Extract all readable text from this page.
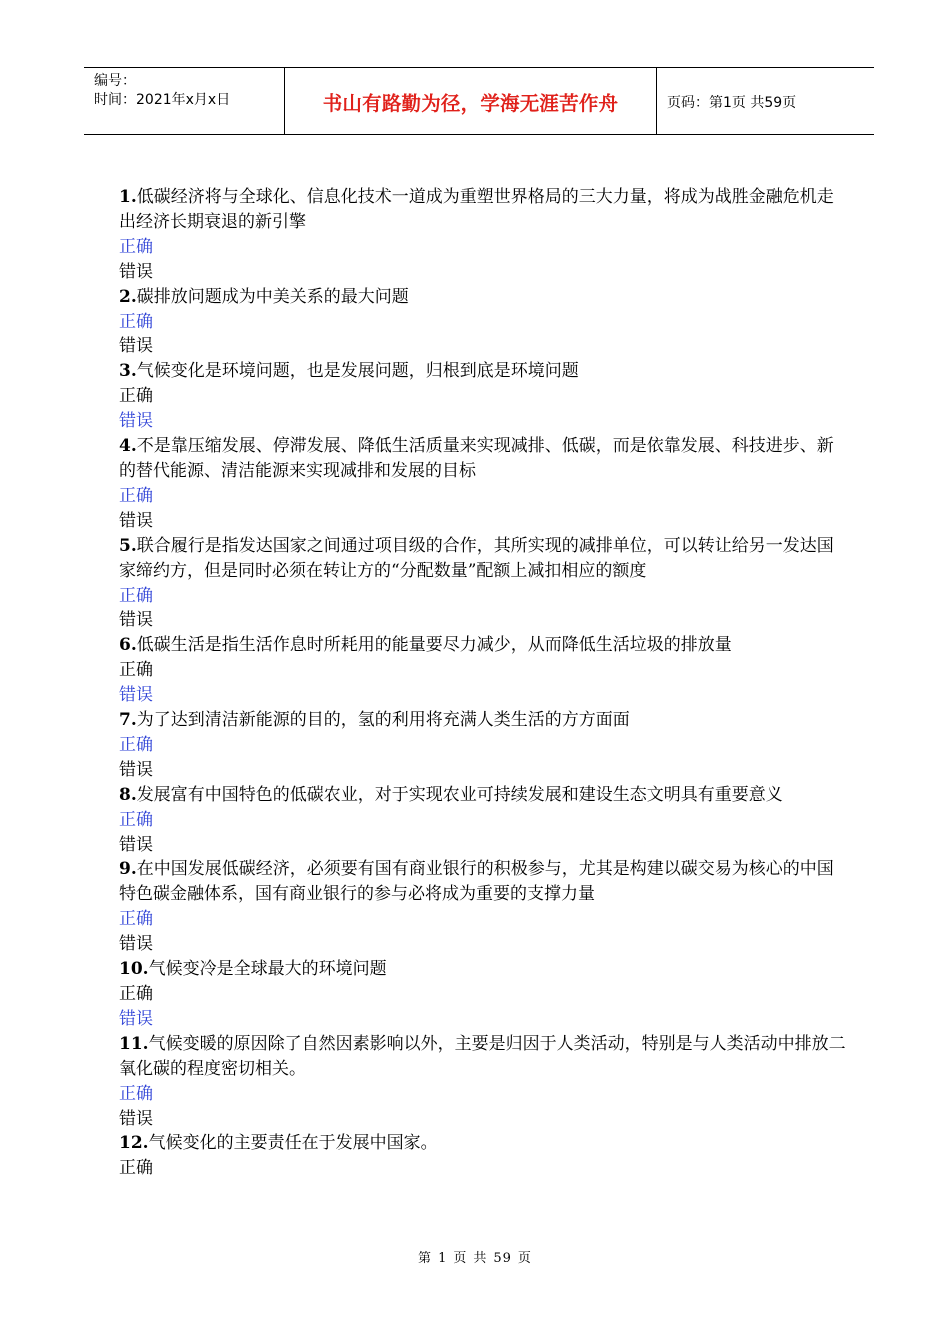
编号：
时间：2021年x月x日	书山有路勤为径，学海无涯苦作舟	页码：第1页 共59页
1.低碳经济将与全球化、信息化技术一道成为重塑世界格局的三大力量，将成为战胜金融危机走出经济长期衰退的新引擎
正确
错误
2.碳排放问题成为中美关系的最大问题
正确
错误
3.气候变化是环境问题，也是发展问题，归根到底是环境问题
正确
错误
4.不是靠压缩发展、停滞发展、降低生活质量来实现减排、低碳，而是依靠发展、科技进步、新的替代能源、清洁能源来实现减排和发展的目标
正确
错误
5.联合履行是指发达国家之间通过项目级的合作，其所实现的减排单位，可以转让给另一发达国家缔约方，但是同时必须在转让方的“分配数量”配额上减扣相应的额度
正确
错误
6.低碳生活是指生活作息时所耗用的能量要尽力减少，从而降低生活垃圾的排放量
正确
错误
7.为了达到清洁新能源的目的，氢的利用将充满人类生活的方方面面
正确
错误
8.发展富有中国特色的低碳农业，对于实现农业可持续发展和建设生态文明具有重要意义
正确
错误
9.在中国发展低碳经济，必须要有国有商业银行的积极参与，尤其是构建以碳交易为核心的中国特色碳金融体系，国有商业银行的参与必将成为重要的支撑力量
正确
错误
10.气候变冷是全球最大的环境问题
正确
错误
11.气候变暖的原因除了自然因素影响以外，主要是归因于人类活动，特别是与人类活动中排放二氧化碳的程度密切相关。
正确
错误
12.气候变化的主要责任在于发展中国家。
正确
第 1 页 共 59 页
